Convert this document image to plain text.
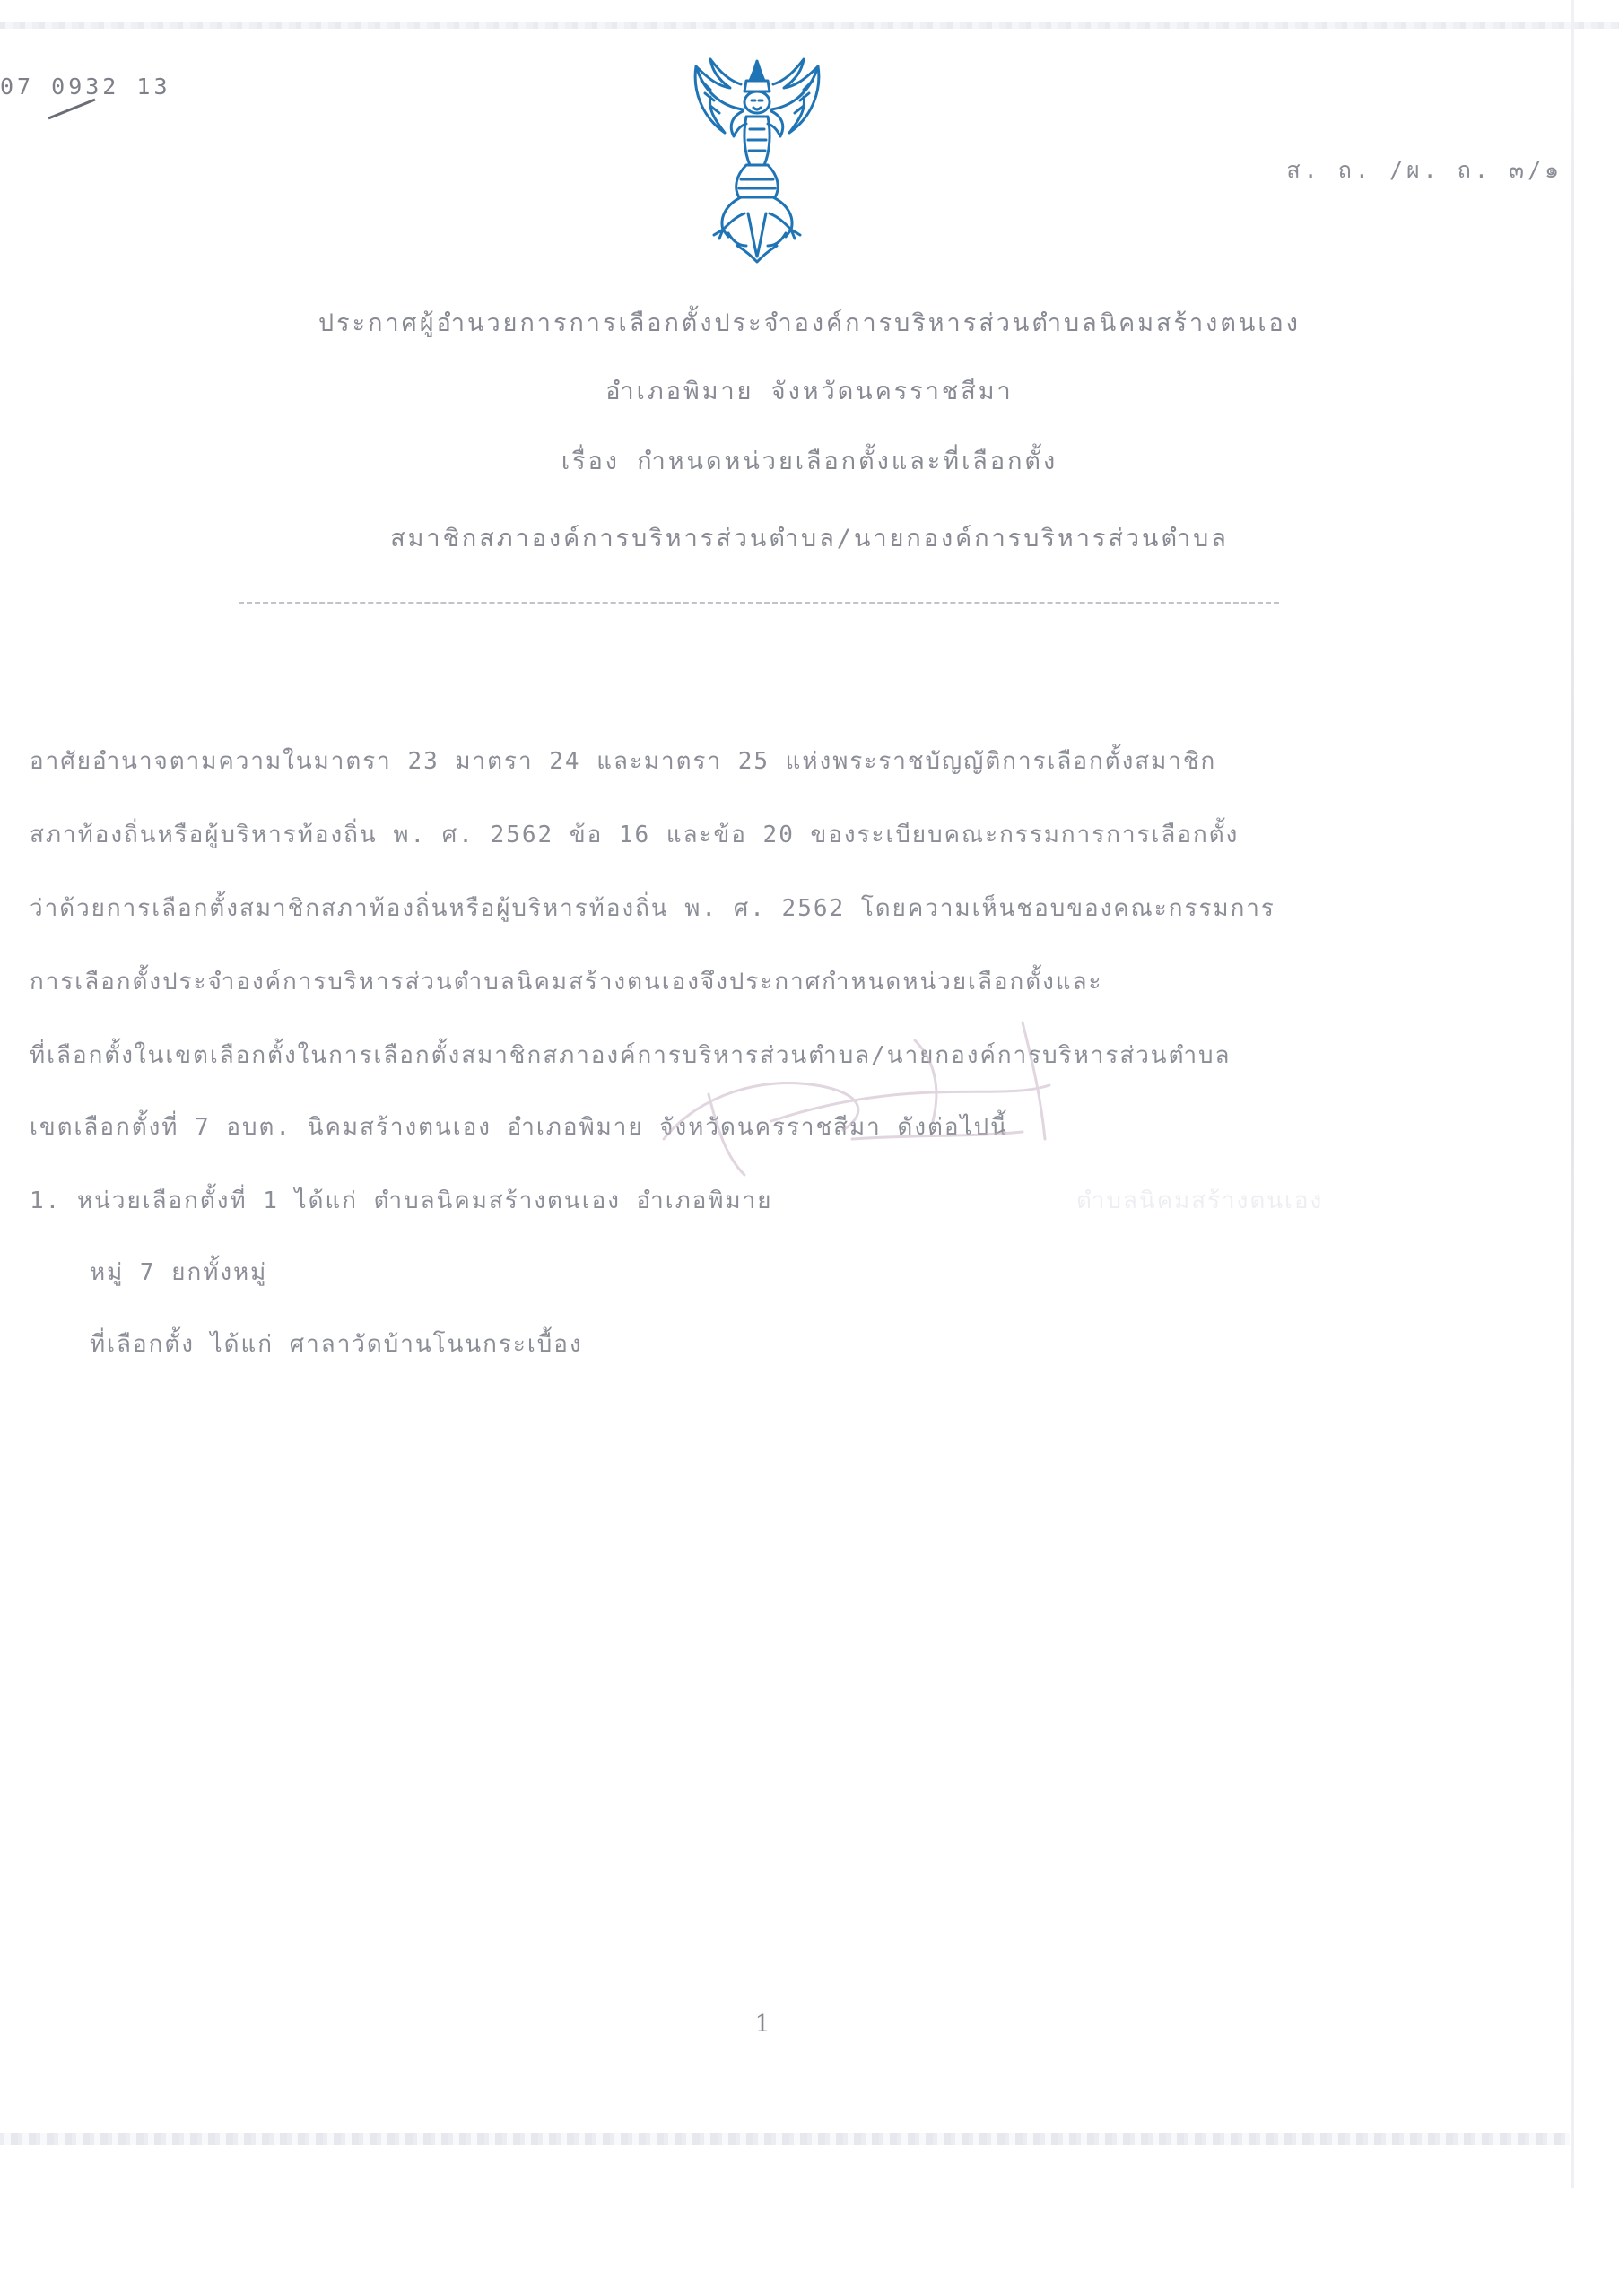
07 0932 13
ส. ถ. /ผ. ถ. ๓/๑
ประกาศผู้อำนวยการการเลือกตั้งประจำองค์การบริหารส่วนตำบลนิคมสร้างตนเอง
อำเภอพิมาย จังหวัดนครราชสีมา
เรื่อง กำหนดหน่วยเลือกตั้งและที่เลือกตั้ง
สมาชิกสภาองค์การบริหารส่วนตำบล/นายกองค์การบริหารส่วนตำบล
อาศัยอำนาจตามความในมาตรา 23 มาตรา 24 และมาตรา 25 แห่งพระราชบัญญัติการเลือกตั้งสมาชิก
สภาท้องถิ่นหรือผู้บริหารท้องถิ่น พ. ศ. 2562 ข้อ 16 และข้อ 20 ของระเบียบคณะกรรมการการเลือกตั้ง
ว่าด้วยการเลือกตั้งสมาชิกสภาท้องถิ่นหรือผู้บริหารท้องถิ่น พ. ศ. 2562 โดยความเห็นชอบของคณะกรรมการ
การเลือกตั้งประจำองค์การบริหารส่วนตำบลนิคมสร้างตนเองจึงประกาศกำหนดหน่วยเลือกตั้งและ
ที่เลือกตั้งในเขตเลือกตั้งในการเลือกตั้งสมาชิกสภาองค์การบริหารส่วนตำบล/นายกองค์การบริหารส่วนตำบล
เขตเลือกตั้งที่ 7 อบต. นิคมสร้างตนเอง อำเภอพิมาย จังหวัดนครราชสีมา ดังต่อไปนี้
ตำบลนิคมสร้างตนเอง
1. หน่วยเลือกตั้งที่ 1 ได้แก่ ตำบลนิคมสร้างตนเอง อำเภอพิมาย
หมู่ 7 ยกทั้งหมู่
ที่เลือกตั้ง ได้แก่ ศาลาวัดบ้านโนนกระเบื้อง
1
